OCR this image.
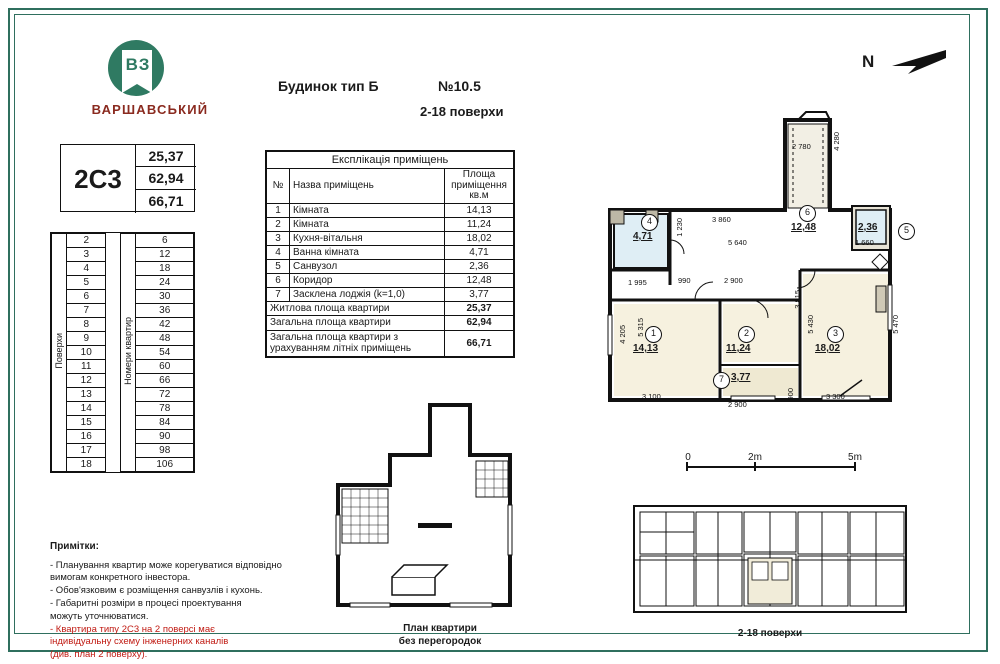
ВЗ
ВАРШАВСЬКИЙ
Будинок тип Б	№10.5
2-18 поверхи
2С3
25,37
62,94
66,71
Поверхи	2		Номери квартир	6
	3			12
	4			18
	5			24
	6			30
	7			36
	8			42
	9			48
	10			54
	11			60
	12			66
	13			72
	14			78
	15			84
	16			90
	17			98
	18			106
Експлікація приміщень		
№	Назва приміщень	Площа
приміщення
кв.м
1	Кімната	14,13
2	Кімната	11,24
3	Кухня-вітальня	18,02
4	Ванна кімната	4,71
5	Санвузол	2,36
6	Коридор	12,48
7	Засклена лоджія (k=1,0)	3,77
Житлова площа квартири		25,37
Загальна площа квартири		62,94
Загальна площа квартири з урахуванням літніх приміщень		66,71
Примітки:
- Планування квартир може корегуватися відповідно
вимогам конкретного інвестора.
- Обов'язковим є розміщення санвузлів і кухонь.
- Габаритні розміри в процесі проектування
можуть уточнюватися.
- Квартира типу 2С3 на 2 поверсі має
індивідуальну схему інженерних каналів
(див. план 2 поверху).
План квартири
без перегородок
2-18 поверхи
N
0	2m	5m
1
14,13
2
11,24
3
18,02
4
4,71
5
2,36
6
12,48
7 3,77
2 780	4 280
3 860
5 640	1 660
1 995
1 230
990	2 900
3 815
5 430	5 470
5 315
4 205
3 100
2 900
900	3 300
